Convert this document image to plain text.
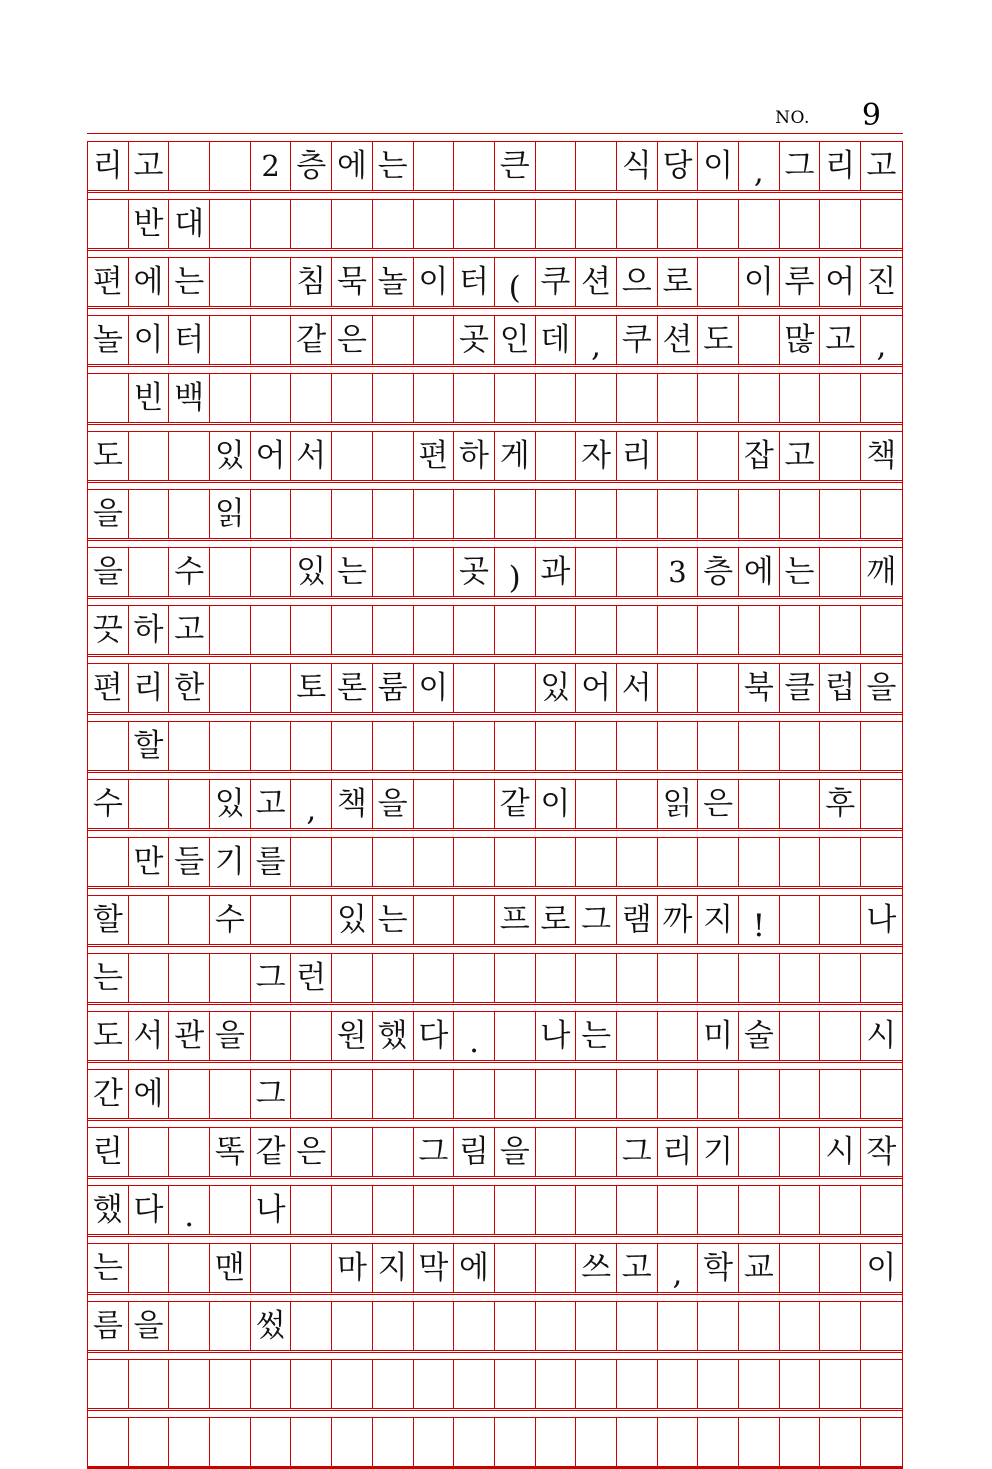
NO. 9
리 고	2 층 에 는	큰	식 당 이 , 그 리 고
반 대
편 에 는	침 묵 놀 이 터 ( 쿠 션 으 로 이 루 어 진
놀 이 터	같 은	곳 인 데 , 쿠 션 도 많 고 ,
빈 백
도	있 어 서	편 하 게 자 리	잡 고 책
을	읽
을 수	있 는	곳 ) 과	3 층 에 는 깨
끗 하 고
편 리 한	토 론 룸 이	있 어 서	북 클 럽 을
할
수	있 고 , 책 을	같 이	읽 은	후
만 들 기 를
할	수	있 는	프 로 그 램 까 지 !	나
는	그 런
도 서 관 을	원 했 다 .	나 는	미 술	시
간 에	그
린	똑 같 은	그 림 을	그 리 기	시 작
했 다 .	나
는	맨	마 지 막 에	쓰 고 , 학 교	이
름 을	썼
